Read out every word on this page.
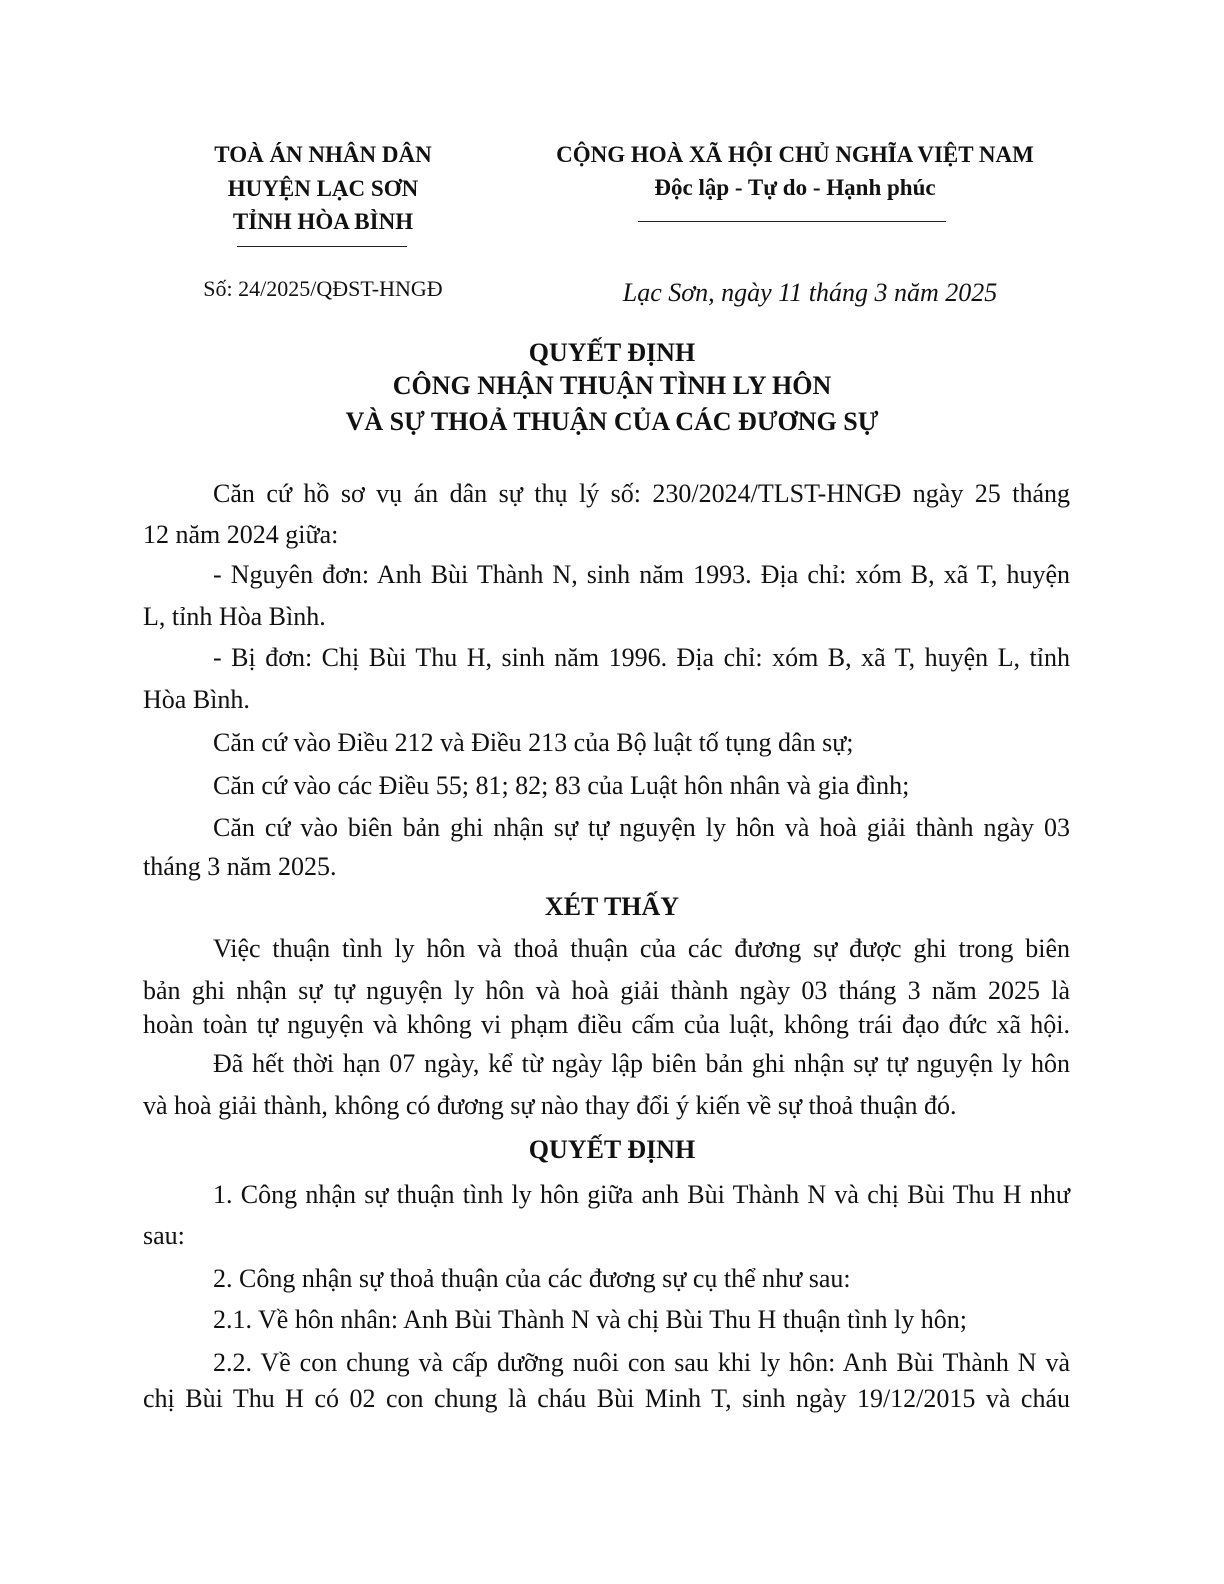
TOÀ ÁN NHÂN DÂN
HUYỆN LẠC SƠN
TỈNH HÒA BÌNH
Số: 24/2025/QĐST-HNGĐ
CỘNG HOÀ XÃ HỘI CHỦ NGHĨA VIỆT NAM
Độc lập - Tự do - Hạnh phúc
Lạc Sơn, ngày 11 tháng 3 năm 2025
QUYẾT ĐỊNH
CÔNG NHẬN THUẬN TÌNH LY HÔN
VÀ SỰ THOẢ THUẬN CỦA CÁC ĐƯƠNG SỰ
Căn cứ hồ sơ vụ án dân sự thụ lý số: 230/2024/TLST-HNGĐ ngày 25 tháng
12 năm 2024 giữa:
- Nguyên đơn: Anh Bùi Thành N, sinh năm 1993. Địa chỉ: xóm B, xã T, huyện
L, tỉnh Hòa Bình.
- Bị đơn: Chị Bùi Thu H, sinh năm 1996. Địa chỉ: xóm B, xã T, huyện L, tỉnh
Hòa Bình.
Căn cứ vào Điều 212 và Điều 213 của Bộ luật tố tụng dân sự;
Căn cứ vào các Điều 55; 81; 82; 83 của Luật hôn nhân và gia đình;
Căn cứ vào biên bản ghi nhận sự tự nguyện ly hôn và hoà giải thành ngày 03
tháng 3 năm 2025.
XÉT THẤY
Việc thuận tình ly hôn và thoả thuận của các đương sự được ghi trong biên
bản ghi nhận sự tự nguyện ly hôn và hoà giải thành ngày 03 tháng 3 năm 2025 là
hoàn toàn tự nguyện và không vi phạm điều cấm của luật, không trái đạo đức xã hội.
Đã hết thời hạn 07 ngày, kể từ ngày lập biên bản ghi nhận sự tự nguyện ly hôn
và hoà giải thành, không có đương sự nào thay đổi ý kiến về sự thoả thuận đó.
QUYẾT ĐỊNH
1. Công nhận sự thuận tình ly hôn giữa anh Bùi Thành N và chị Bùi Thu H như
sau:
2. Công nhận sự thoả thuận của các đương sự cụ thể như sau:
2.1. Về hôn nhân: Anh Bùi Thành N và chị Bùi Thu H thuận tình ly hôn;
2.2. Về con chung và cấp dưỡng nuôi con sau khi ly hôn: Anh Bùi Thành N và
chị Bùi Thu H có 02 con chung là cháu Bùi Minh T, sinh ngày 19/12/2015 và cháu
